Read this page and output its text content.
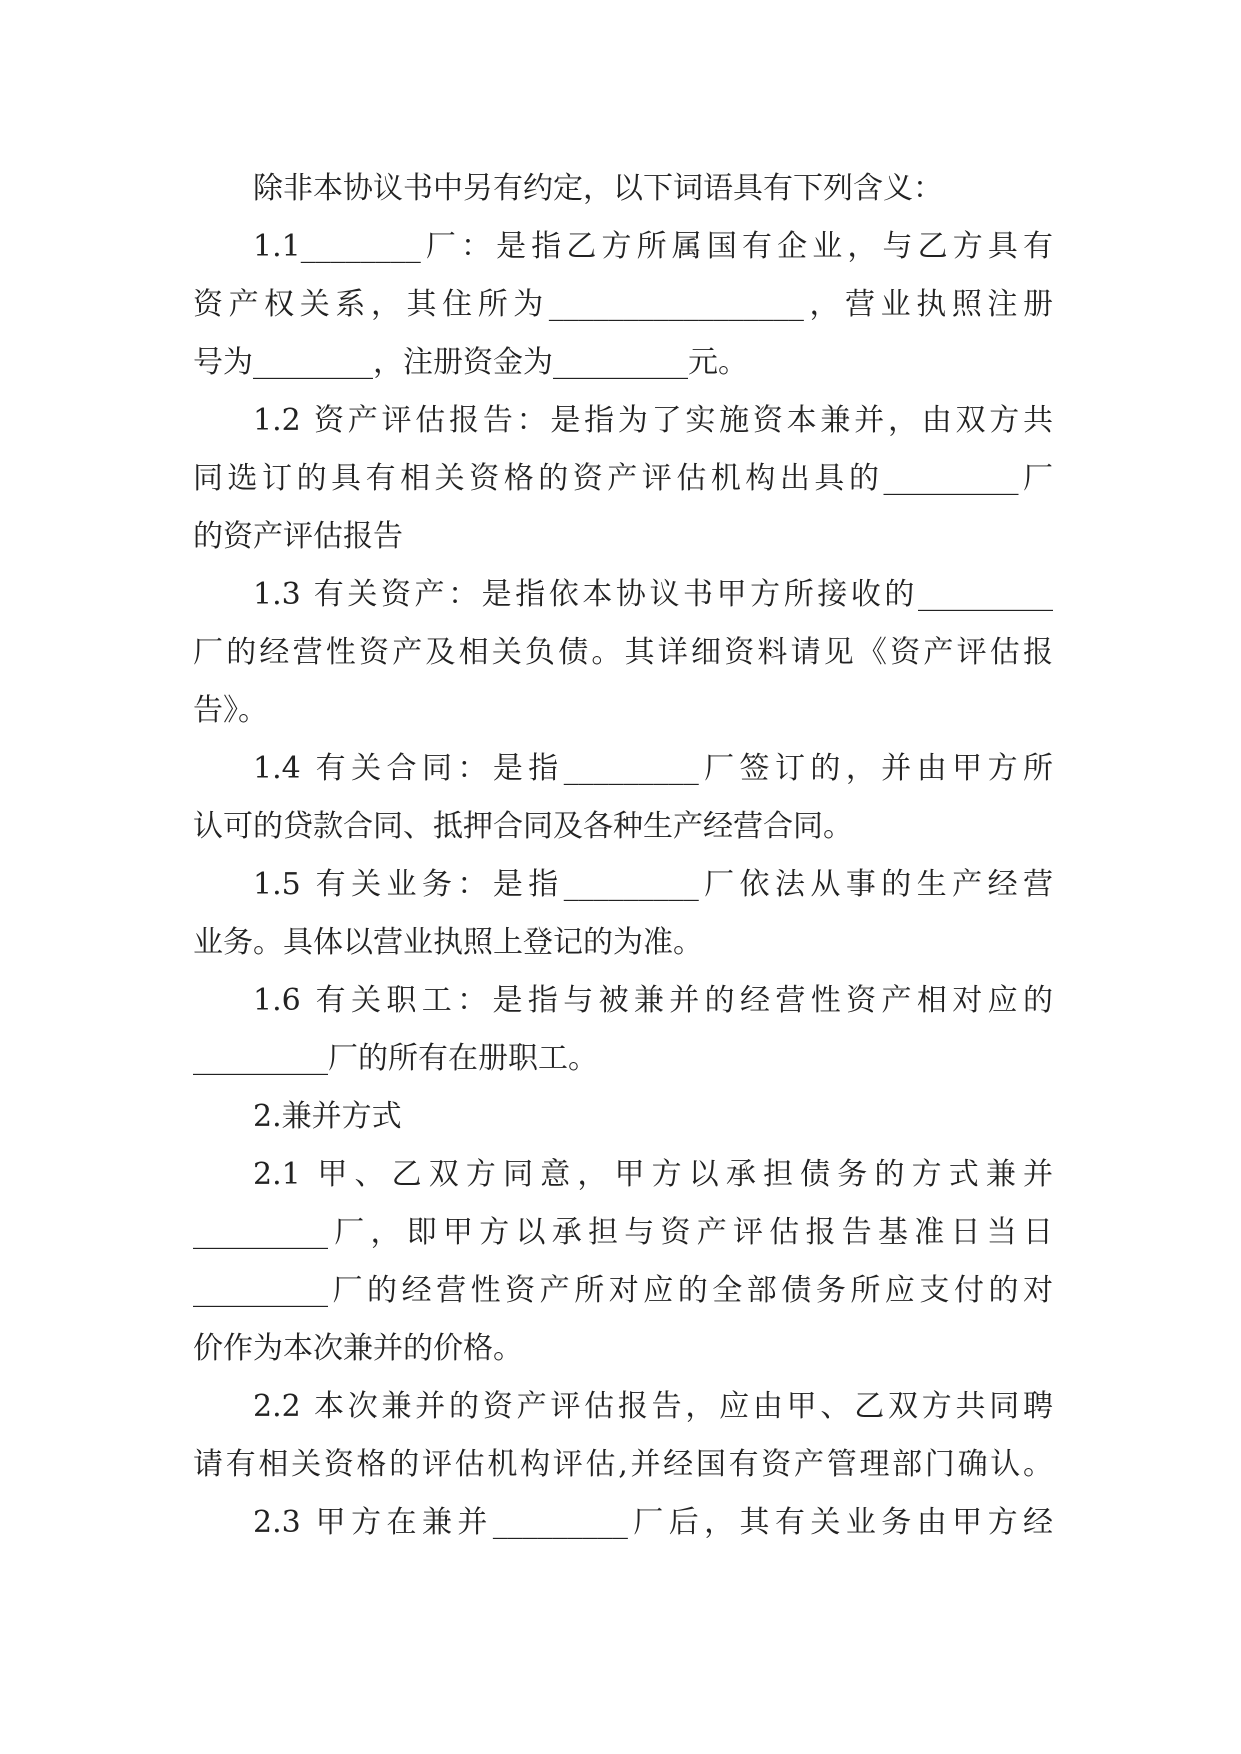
除非本协议书中另有约定，以下词语具有下列含义：

1.1________厂：是指乙方所属国有企业，与乙方具有
资产权关系，其住所为_________________，营业执照注册
号为________，注册资金为_________元。

1.2 资产评估报告：是指为了实施资本兼并，由双方共
同选订的具有相关资格的资产评估机构出具的_________厂
的资产评估报告

1.3 有关资产：是指依本协议书甲方所接收的_________
厂的经营性资产及相关负债。其详细资料请见《资产评估报
告》。

1.4 有关合同：是指_________厂签订的，并由甲方所
认可的贷款合同、抵押合同及各种生产经营合同。

1.5 有关业务：是指_________厂依法从事的生产经营
业务。具体以营业执照上登记的为准。

1.6 有关职工：是指与被兼并的经营性资产相对应的
_________厂的所有在册职工。

2.兼并方式

2.1 甲、乙双方同意，甲方以承担债务的方式兼并
_________厂，即甲方以承担与资产评估报告基准日当日
_________厂的经营性资产所对应的全部债务所应支付的对
价作为本次兼并的价格。

2.2 本次兼并的资产评估报告，应由甲、乙双方共同聘
请有相关资格的评估机构评估,并经国有资产管理部门确认。

2.3 甲方在兼并_________厂后，其有关业务由甲方经
